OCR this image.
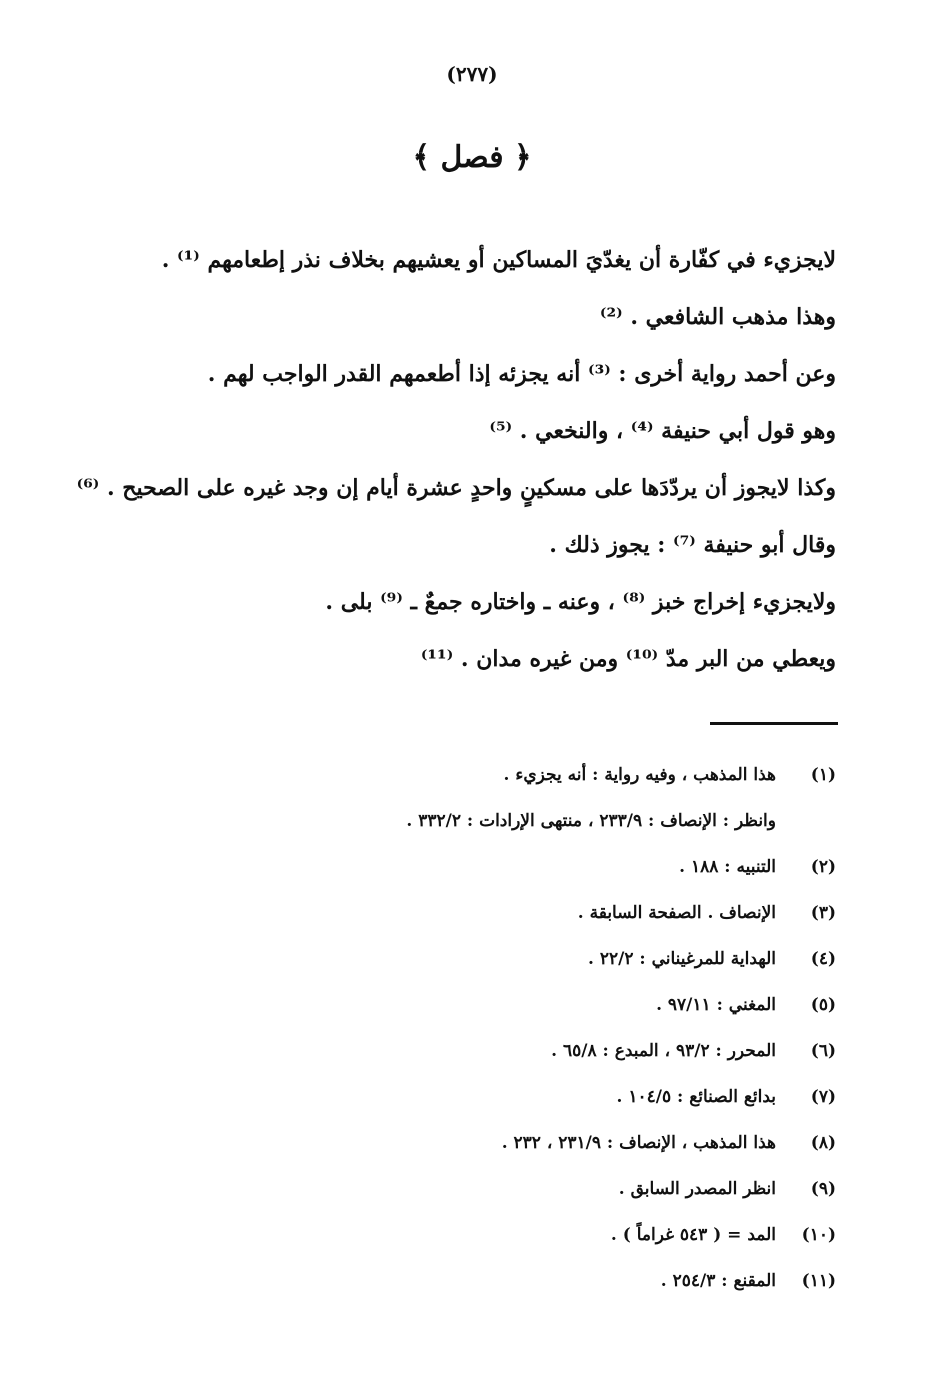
(٢٧٧)
﴿ فصل ﴾
لايجزيء في كفّارة أن يغدّيَ المساكين أو يعشيهم بخلاف نذر إطعامهم ⁽¹⁾ .
وهذا مذهب الشافعي . ⁽²⁾
وعن أحمد رواية أخرى : ⁽³⁾ أنه يجزئه إذا أطعمهم القدر الواجب لهم .
وهو قول أبي حنيفة ⁽⁴⁾ ، والنخعي . ⁽⁵⁾
وكذا لايجوز أن يردّدَها على مسكينٍ واحدٍ عشرة أيام إن وجد غيره على الصحيح . ⁽⁶⁾
وقال أبو حنيفة ⁽⁷⁾ : يجوز ذلك .
ولايجزيء إخراج خبز ⁽⁸⁾ ، وعنه ـ واختاره جمعٌ ـ ⁽⁹⁾ بلى .
ويعطي من البر مدّ ⁽¹⁰⁾ ومن غيره مدان . ⁽¹¹⁾
(١)
هذا المذهب ، وفيه رواية : أنه يجزيء .
وانظر : الإنصاف : ٢٣٣/٩ ، منتهى الإرادات : ٣٣٢/٢ .
(٢)
التنبيه : ١٨٨ .
(٣)
الإنصاف . الصفحة السابقة .
(٤)
الهداية للمرغيناني : ٢٢/٢ .
(٥)
المغني : ٩٧/١١ .
(٦)
المحرر : ٩٣/٢ ، المبدع : ٦٥/٨ .
(٧)
بدائع الصنائع : ١٠٤/٥ .
(٨)
هذا المذهب ، الإنصاف : ٢٣١/٩ ، ٢٣٢ .
(٩)
انظر المصدر السابق .
(١٠)
المد = ( ٥٤٣ غراماً ) .
(١١)
المقنع : ٢٥٤/٣ .
